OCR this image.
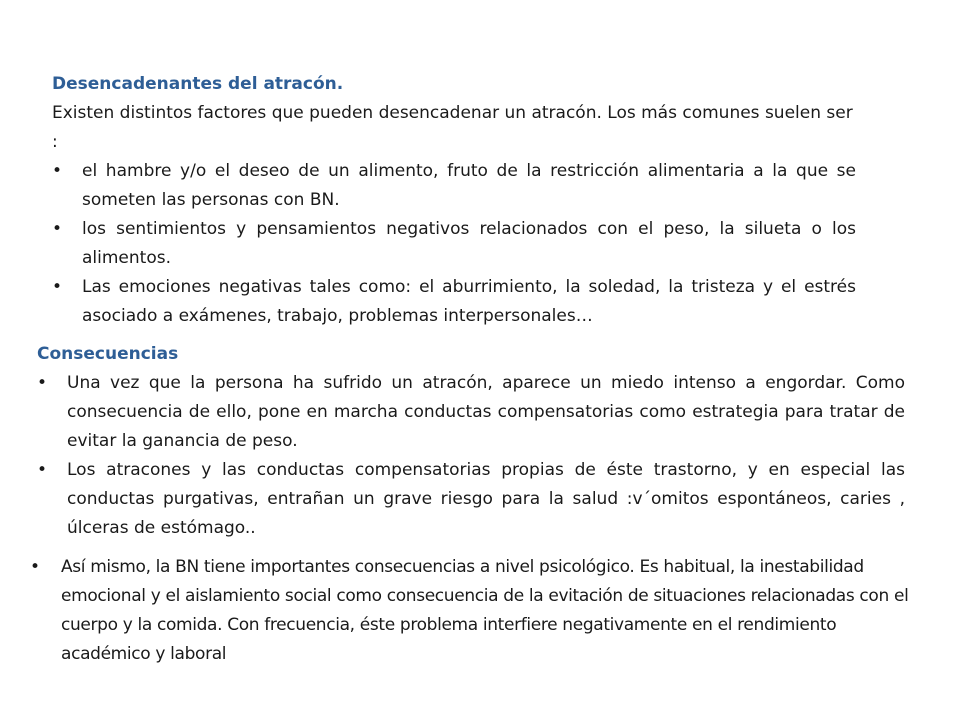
Desencadenantes del atracón.

Existen distintos factores que pueden desencadenar un atracón. Los más comunes suelen ser :

•	el hambre y/o el deseo de un alimento, fruto de la restricción alimentaria a la que se someten las personas con BN.
•	los sentimientos y pensamientos negativos relacionados con el peso, la silueta o los alimentos.
•	Las emociones negativas tales como: el aburrimiento, la soledad, la tristeza y el estrés asociado a exámenes, trabajo, problemas interpersonales…
Consecuencias
•	Una vez que la persona ha sufrido un atracón, aparece un miedo intenso a engordar. Como consecuencia de ello, pone en marcha conductas compensatorias como estrategia para tratar de evitar la ganancia de peso.
•	Los atracones y las conductas compensatorias propias de éste trastorno, y en especial las conductas purgativas, entrañan un grave riesgo para la salud :v´omitos espontáneos, caries , úlceras de estómago..
•	Así mismo, la BN tiene importantes consecuencias a nivel psicológico. Es habitual, la inestabilidad emocional y el aislamiento social como consecuencia de la evitación de situaciones relacionadas con el cuerpo y la comida. Con frecuencia, éste problema interfiere negativamente en el rendimiento académico y laboral
